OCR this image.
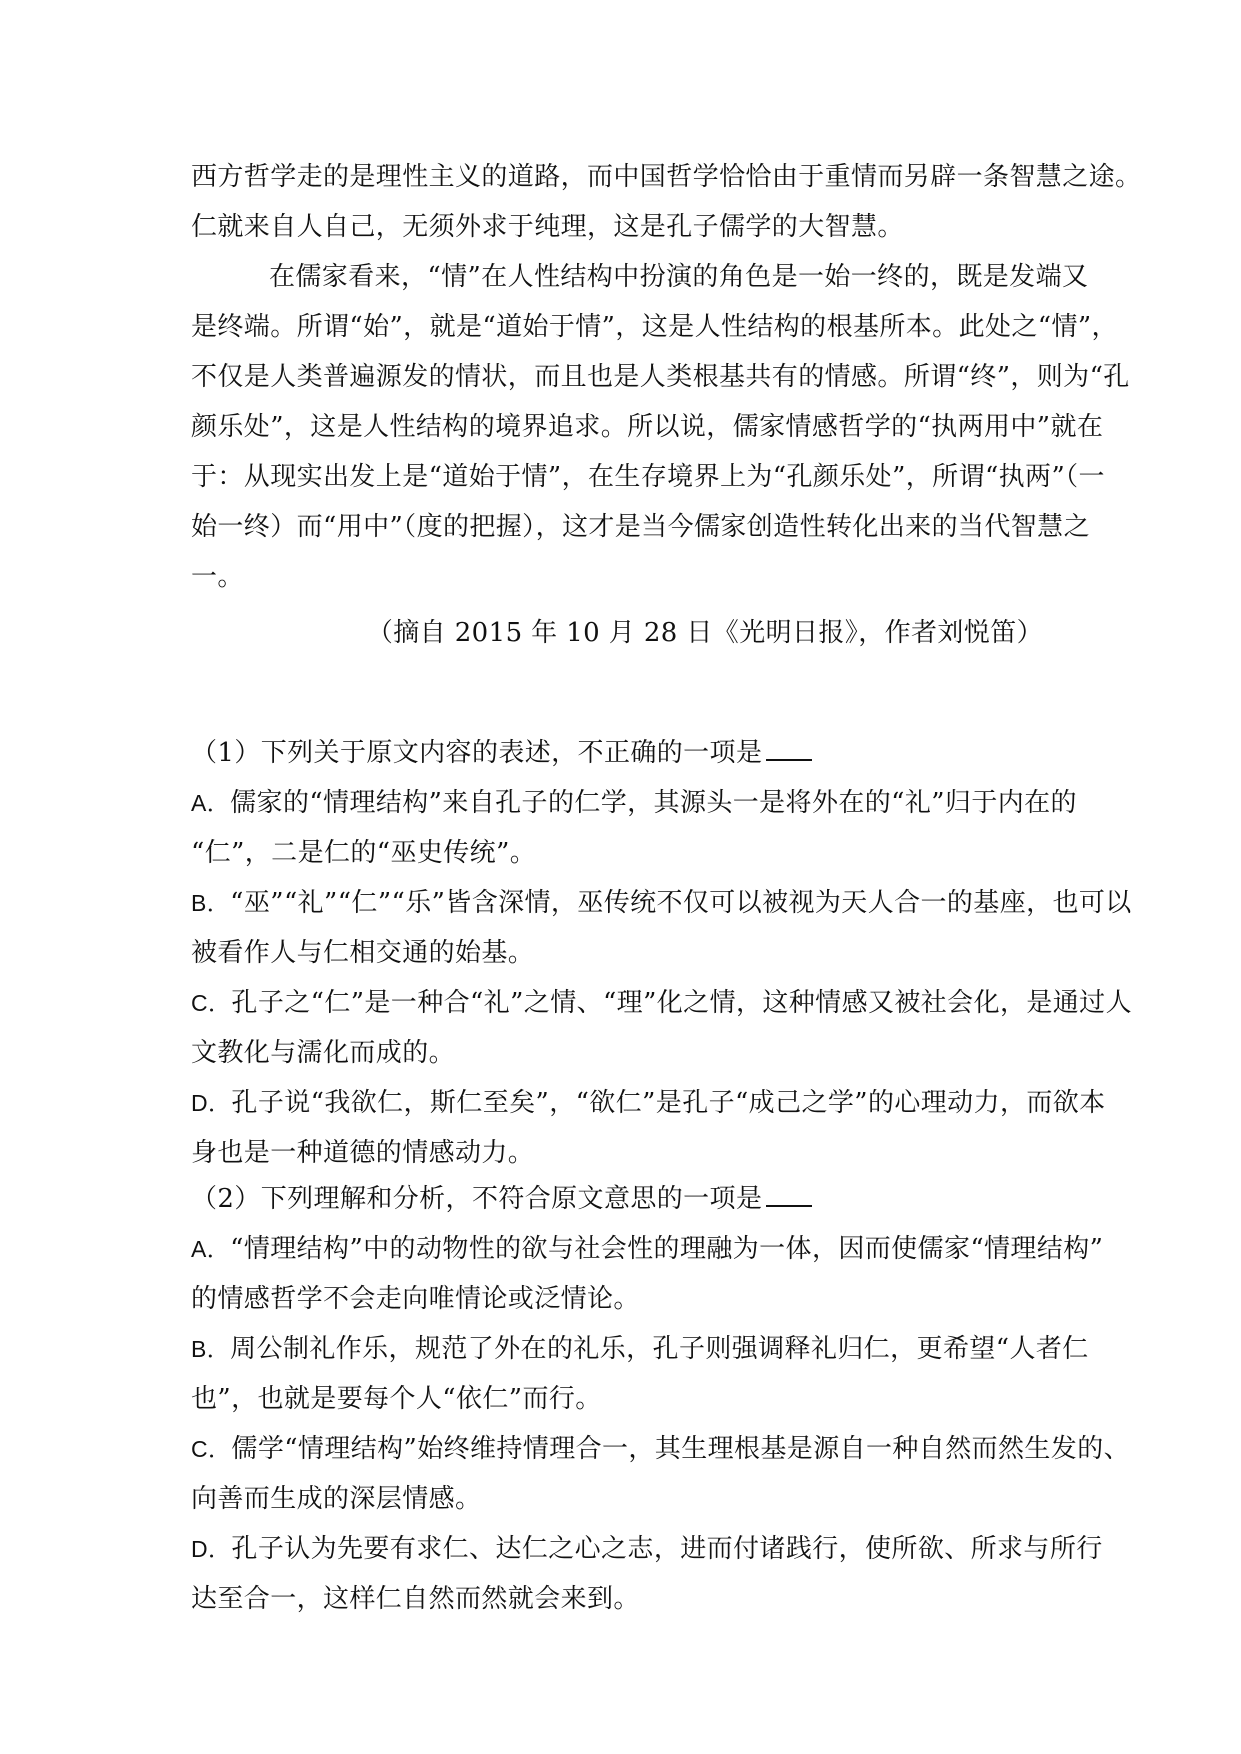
西方哲学走的是理性主义的道路，而中国哲学恰恰由于重情而另辟一条智慧之途。
仁就来自人自己，无须外求于纯理，这是孔子儒学的大智慧。
在儒家看来，“情”在人性结构中扮演的角色是一始一终的，既是发端又
是终端。所谓“始”，就是“道始于情”，这是人性结构的根基所本。此处之“情”，
不仅是人类普遍源发的情状，而且也是人类根基共有的情感。所谓“终”，则为“孔
颜乐处”，这是人性结构的境界追求。所以说，儒家情感哲学的“执两用中”就在
于：从现实出发上是“道始于情”，在生存境界上为“孔颜乐处”，所谓“执两”（一
始一终）而“用中”（度的把握），这才是当今儒家创造性转化出来的当代智慧之
一。
（摘自 2015 年 10 月 28 日《光明日报》，作者刘悦笛）
（1）下列关于原文内容的表述，不正确的一项是
A．儒家的“情理结构”来自孔子的仁学，其源头一是将外在的“礼”归于内在的
“仁”，二是仁的“巫史传统”。
B．“巫”“礼”“仁”“乐”皆含深情，巫传统不仅可以被视为天人合一的基座，也可以
被看作人与仁相交通的始基。
C．孔子之“仁”是一种合“礼”之情、“理”化之情，这种情感又被社会化，是通过人
文教化与濡化而成的。
D．孔子说“我欲仁，斯仁至矣”，“欲仁”是孔子“成己之学”的心理动力，而欲本
身也是一种道德的情感动力。
（2）下列理解和分析，不符合原文意思的一项是
A．“情理结构”中的动物性的欲与社会性的理融为一体，因而使儒家“情理结构”
的情感哲学不会走向唯情论或泛情论。
B．周公制礼作乐，规范了外在的礼乐，孔子则强调释礼归仁，更希望“人者仁
也”，也就是要每个人“依仁”而行。
C．儒学“情理结构”始终维持情理合一，其生理根基是源自一种自然而然生发的、
向善而生成的深层情感。
D．孔子认为先要有求仁、达仁之心之志，进而付诸践行，使所欲、所求与所行
达至合一，这样仁自然而然就会来到。
